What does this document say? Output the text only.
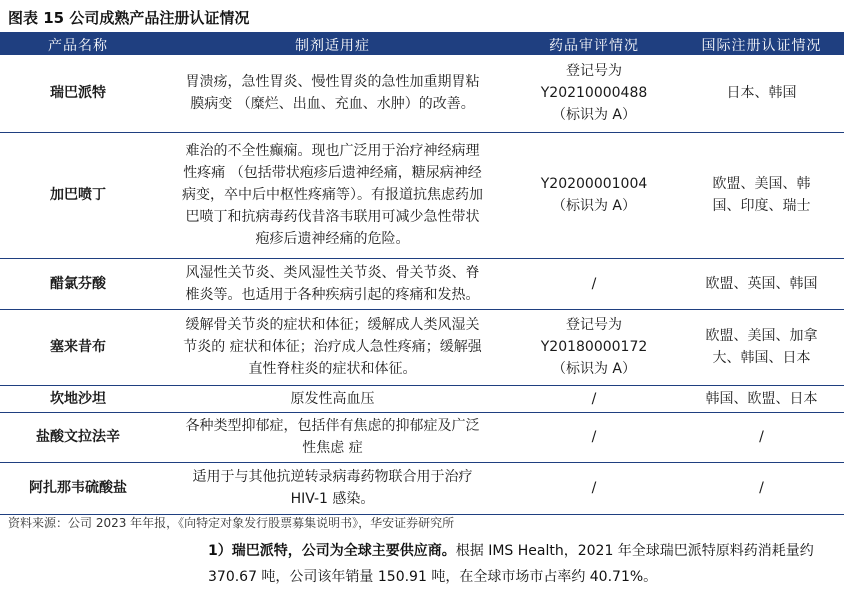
图表 15 公司成熟产品注册认证情况
产品名称	制剂适用症	药品审评情况	国际注册认证情况
瑞巴派特	胃溃疡，急性胃炎、慢性胃炎的急性加重期胃粘膜病变 （糜烂、出血、充血、水肿）的改善。	登记号为Y20210000488（标识为 A）	日本、韩国
加巴喷丁	难治的不全性癫痫。现也广泛用于治疗神经病理性疼痛 （包括带状疱疹后遗神经痛，糖尿病神经病变，卒中后中枢性疼痛等）。有报道抗焦虑药加巴喷丁和抗病毒药伐昔洛韦联用可减少急性带状疱疹后遗神经痛的危险。	Y20200001004（标识为 A）	欧盟、美国、韩国、印度、瑞士
醋氯芬酸	风湿性关节炎、类风湿性关节炎、骨关节炎、脊椎炎等。也适用于各种疾病引起的疼痛和发热。	/	欧盟、英国、韩国
塞来昔布	缓解骨关节炎的症状和体征；缓解成人类风湿关节炎的 症状和体征；治疗成人急性疼痛；缓解强直性脊柱炎的症状和体征。	登记号为Y20180000172（标识为 A）	欧盟、美国、加拿大、韩国、日本
坎地沙坦	原发性高血压	/	韩国、欧盟、日本
盐酸文拉法辛	各种类型抑郁症，包括伴有焦虑的抑郁症及广泛性焦虑 症	/	/
阿扎那韦硫酸盐	适用于与其他抗逆转录病毒药物联合用于治疗HIV-1 感染。	/	/
资料来源：公司 2023 年年报，《向特定对象发行股票募集说明书》，华安证券研究所
1）瑞巴派特，公司为全球主要供应商。根据 IMS Health，2021 年全球瑞巴派特原料药消耗量约 370.67 吨，公司该年销量 150.91 吨，在全球市场市占率约 40.71%。
